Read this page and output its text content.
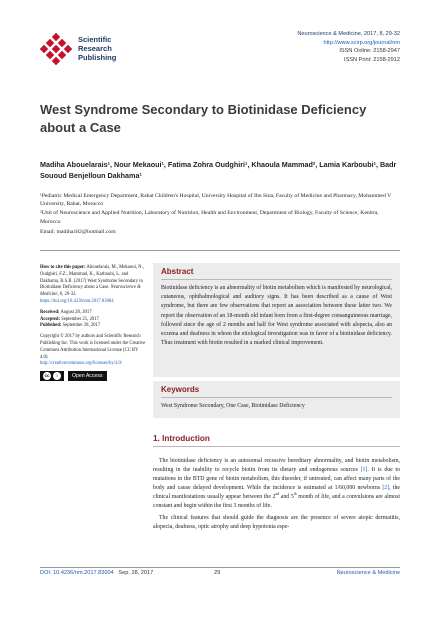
Scientific
Research
Publishing
Neuroscience & Medicine, 2017, 8, 29-32
http://www.scirp.org/journal/nm
ISSN Online: 2158-2947
ISSN Print: 2158-2912
West Syndrome Secondary to Biotinidase Deficiency about a Case
Madiha Abouelarais¹, Nour Mekaoui¹, Fatima Zohra Oudghiri¹, Khaoula Mammad², Lamia Karboubi¹, Badr Sououd Benjelloun Dakhama¹

¹Pediatric Medical Emergency Department, Rabat Children's Hospital, University Hospital of Ibn Sina, Faculty of Medicine and Pharmacy, Mohammed V University, Rabat, Morocco

²Unit of Neuroscience and Applied Nutrition, Laboratory of Nutrition, Health and Environment, Department of Biology, Faculty of Science, Kenitra, Morocco

Email: madiha182@hotmail.com

How to cite this paper: Abouelarais, M., Mekaoui, N., Oudghiri, F.Z., Mammad, K., Karboubi, L. and Dakhama, B.S.B. (2017) West Syndrome Secondary to Biotinidase Deficiency about a Case. Neuroscience & Medicine, 8, 29-32.
https://doi.org/10.4236/nm.2017.83004
Received: August 28, 2017
Accepted: September 25, 2017
Published: September 28, 2017
Copyright © 2017 by authors and Scientific Research Publishing Inc. This work is licensed under the Creative Commons Attribution International License (CC BY 4.0).
http://creativecommons.org/licenses/by/4.0/
cc	i	Open Access
Abstract
Biotinidase deficiency is an abnormality of biotin metabolism which is manifested by neurological, cutaneous, ophthalmological and auditory signs. It has been described as a cause of West syndrome, but there are few observations that report an association between these latter two. We report the observation of an 18-month old infant born from a first-degree consanguineous marriage, followed since the age of 2 months and half for West syndrome associated with alopecia, also an eczema and deafness in whom the etiological investigation was in favor of a biotinidase deficiency. Thus treatment with biotin resulted in a marked clinical improvement.
Keywords
West Syndrome Secondary, One Case, Biotinidase Deficiency
1. Introduction

The biotinidase deficiency is an autosomal recessive hereditary abnormality, and biotin metabolism, resulting in the inability to recycle biotin from its dietary and endogenous sources [1]. It is due to mutations in the BTD gene of biotin metabolism, this disorder, if untreated, can affect many parts of the body and cause delayed development. While the incidence is estimated at 1/60,000 newborns [2], the clinical manifestations usually appear between the 2nd and 5th month of life, and a convulsions are almost constant and begin within the first 3 months of life.

The clinical features that should guide the diagnosis are the presence of severe atopic dermatitis, alopecia, deafness, optic atrophy and deep hypotonia espe-

DOI: 10.4236/nm.2017.83004 Sep. 28, 2017	29	Neuroscience & Medicine
